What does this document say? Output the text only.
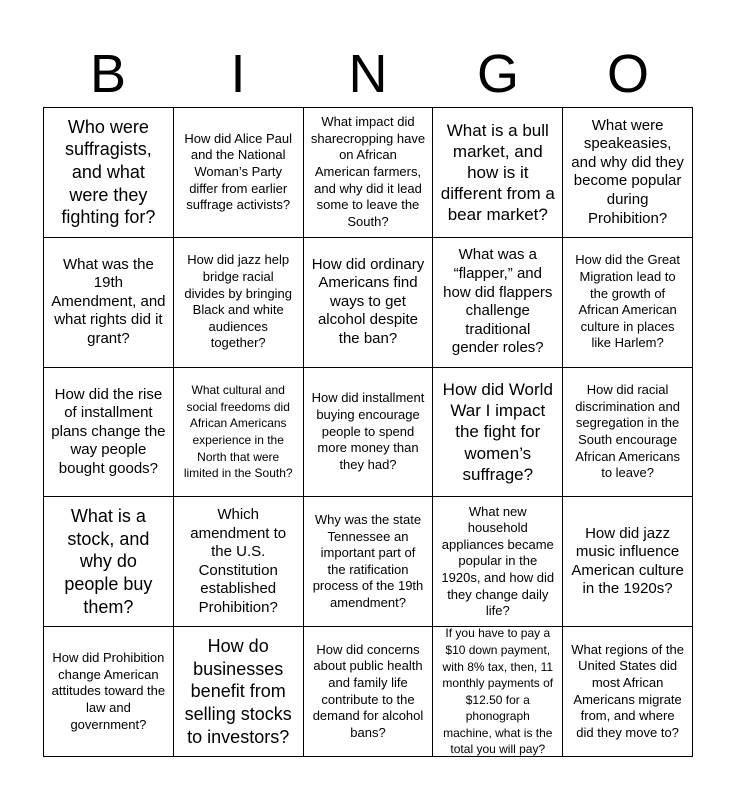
B	I	N	G	O
Who were suffragists, and what were they fighting for?
How did Alice Paul and the National Woman’s Party differ from earlier suffrage activists?
What impact did sharecropping have on African American farmers, and why did it lead some to leave the South?
What is a bull market, and how is it different from a bear market?
What were speakeasies, and why did they become popular during Prohibition?
What was the 19th Amendment, and what rights did it grant?
How did jazz help bridge racial divides by bringing Black and white audiences together?
How did ordinary Americans find ways to get alcohol despite the ban?
What was a “flapper,” and how did flappers challenge traditional gender roles?
How did the Great Migration lead to the growth of African American culture in places like Harlem?
How did the rise of installment plans change the way people bought goods?
What cultural and social freedoms did African Americans experience in the North that were limited in the South?
How did installment buying encourage people to spend more money than they had?
How did World War I impact the fight for women’s suffrage?
How did racial discrimination and segregation in the South encourage African Americans to leave?
What is a stock, and why do people buy them?
Which amendment to the U.S. Constitution established Prohibition?
Why was the state Tennessee an important part of the ratification process of the 19th amendment?
What new household appliances became popular in the 1920s, and how did they change daily life?
How did jazz music influence American culture in the 1920s?
How did Prohibition change American attitudes toward the law and government?
How do businesses benefit from selling stocks to investors?
How did concerns about public health and family life contribute to the demand for alcohol bans?
If you have to pay a $10 down payment, with 8% tax, then, 11 monthly payments of $12.50 for a phonograph machine, what is the total you will pay?
What regions of the United States did most African Americans migrate from, and where did they move to?
